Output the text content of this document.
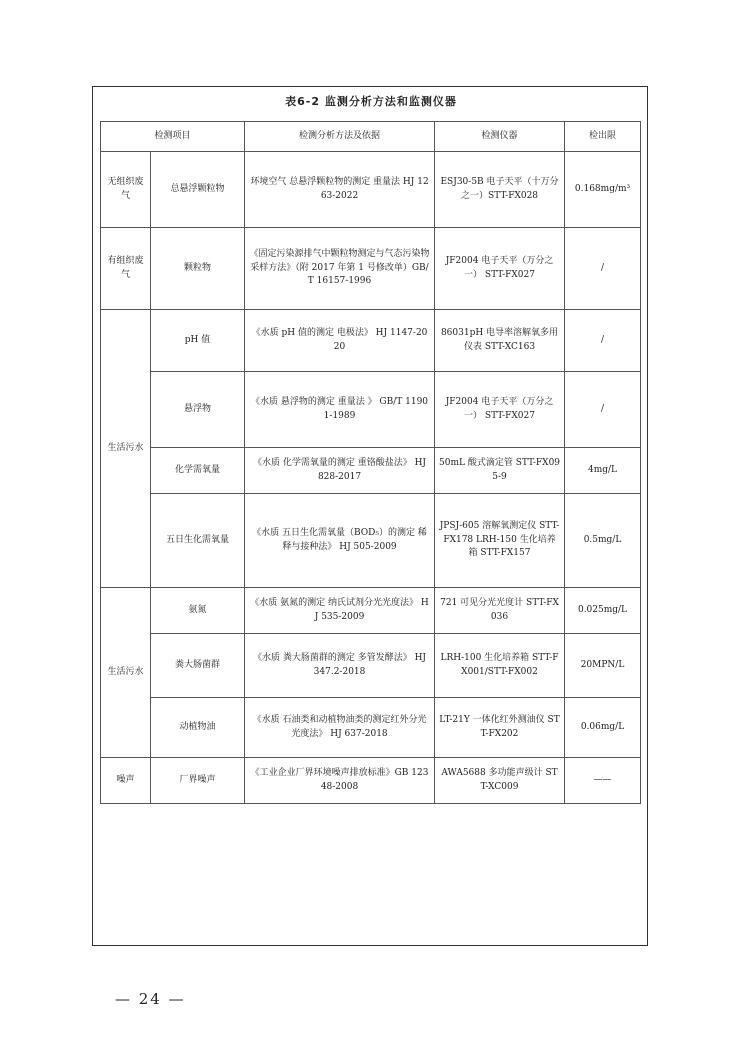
表6-2 监测分析方法和监测仪器
检测项目		检测分析方法及依据	检测仪器	检出限
无组织废气	总悬浮颗粒物	环境空气 总悬浮颗粒物的测定 重量法 HJ 1263-2022	ESJ30-5B 电子天平（十万分之一）STT-FX028	0.168mg/m³
有组织废气	颗粒物	《固定污染源排气中颗粒物测定与气态污染物采样方法》（附 2017 年第 1 号修改单）GB/T 16157-1996	JF2004 电子天平（万分之一） STT-FX027	/
生活污水	pH 值	《水质 pH 值的测定 电极法》 HJ 1147-2020	86031pH 电导率溶解氧多用仪表 STT-XC163	/
	悬浮物	《水质 悬浮物的测定 重量法 》 GB/T 11901-1989	JF2004 电子天平（万分之一） STT-FX027	/
	化学需氧量	《水质 化学需氧量的测定 重铬酸盐法》 HJ 828-2017	50mL 酸式滴定管 STT-FX095-9	4mg/L
	五日生化需氧量	《水质 五日生化需氧量（BOD₅）的测定 稀释与接种法》 HJ 505-2009	JPSJ-605 溶解氧测定仪 STT-FX178 LRH-150 生化培养箱 STT-FX157	0.5mg/L
生活污水	氨氮	《水质 氨氮的测定 纳氏试剂分光光度法》 HJ 535-2009	721 可见分光光度计 STT-FX036	0.025mg/L
	粪大肠菌群	《水质 粪大肠菌群的测定 多管发酵法》 HJ 347.2-2018	LRH-100 生化培养箱 STT-FX001/STT-FX002	20MPN/L
	动植物油	《水质 石油类和动植物油类的测定红外分光光度法》 HJ 637-2018	LT-21Y 一体化红外测油仪 STT-FX202	0.06mg/L
噪声	厂界噪声	《工业企业厂界环境噪声排放标准》GB 12348-2008	AWA5688 多功能声级计 STT-XC009	——

— 24 —
